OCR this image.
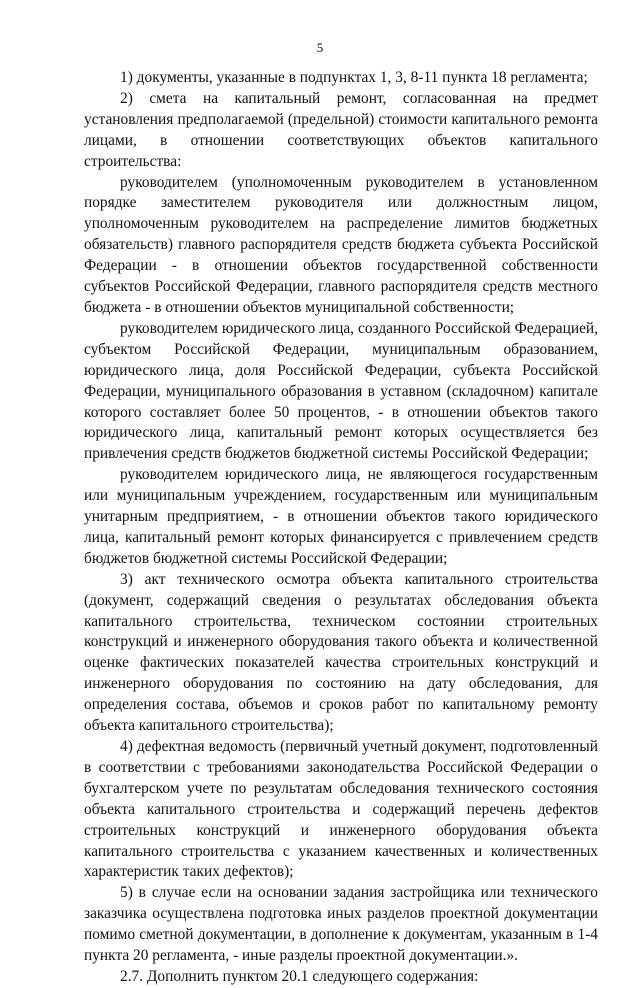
5

1) документы, указанные в подпунктах 1, 3, 8-11 пункта 18 регламента;

2) смета на капитальный ремонт, согласованная на предмет установления предполагаемой (предельной) стоимости капитального ремонта лицами, в отношении соответствующих объектов капитального строительства:

руководителем (уполномоченным руководителем в установленном порядке заместителем руководителя или должностным лицом, уполномоченным руководителем на распределение лимитов бюджетных обязательств) главного распорядителя средств бюджета субъекта Российской Федерации - в отношении объектов государственной собственности субъектов Российской Федерации, главного распорядителя средств местного бюджета - в отношении объектов муниципальной собственности;

руководителем юридического лица, созданного Российской Федерацией, субъектом Российской Федерации, муниципальным образованием, юридического лица, доля Российской Федерации, субъекта Российской Федерации, муниципального образования в уставном (складочном) капитале которого составляет более 50 процентов, - в отношении объектов такого юридического лица, капитальный ремонт которых осуществляется без привлечения средств бюджетов бюджетной системы Российской Федерации;

руководителем юридического лица, не являющегося государственным или муниципальным учреждением, государственным или муниципальным унитарным предприятием, - в отношении объектов такого юридического лица, капитальный ремонт которых финансируется с привлечением средств бюджетов бюджетной системы Российской Федерации;

3) акт технического осмотра объекта капитального строительства (документ, содержащий сведения о результатах обследования объекта капитального строительства, техническом состоянии строительных конструкций и инженерного оборудования такого объекта и количественной оценке фактических показателей качества строительных конструкций и инженерного оборудования по состоянию на дату обследования, для определения состава, объемов и сроков работ по капитальному ремонту объекта капитального строительства);

4) дефектная ведомость (первичный учетный документ, подготовленный в соответствии с требованиями законодательства Российской Федерации о бухгалтерском учете по результатам обследования технического состояния объекта капитального строительства и содержащий перечень дефектов строительных конструкций и инженерного оборудования объекта капитального строительства с указанием качественных и количественных характеристик таких дефектов);

5) в случае если на основании задания застройщика или технического заказчика осуществлена подготовка иных разделов проектной документации помимо сметной документации, в дополнение к документам, указанным в 1-4 пункта 20 регламента, - иные разделы проектной документации.».

2.7. Дополнить пунктом 20.1 следующего содержания:
